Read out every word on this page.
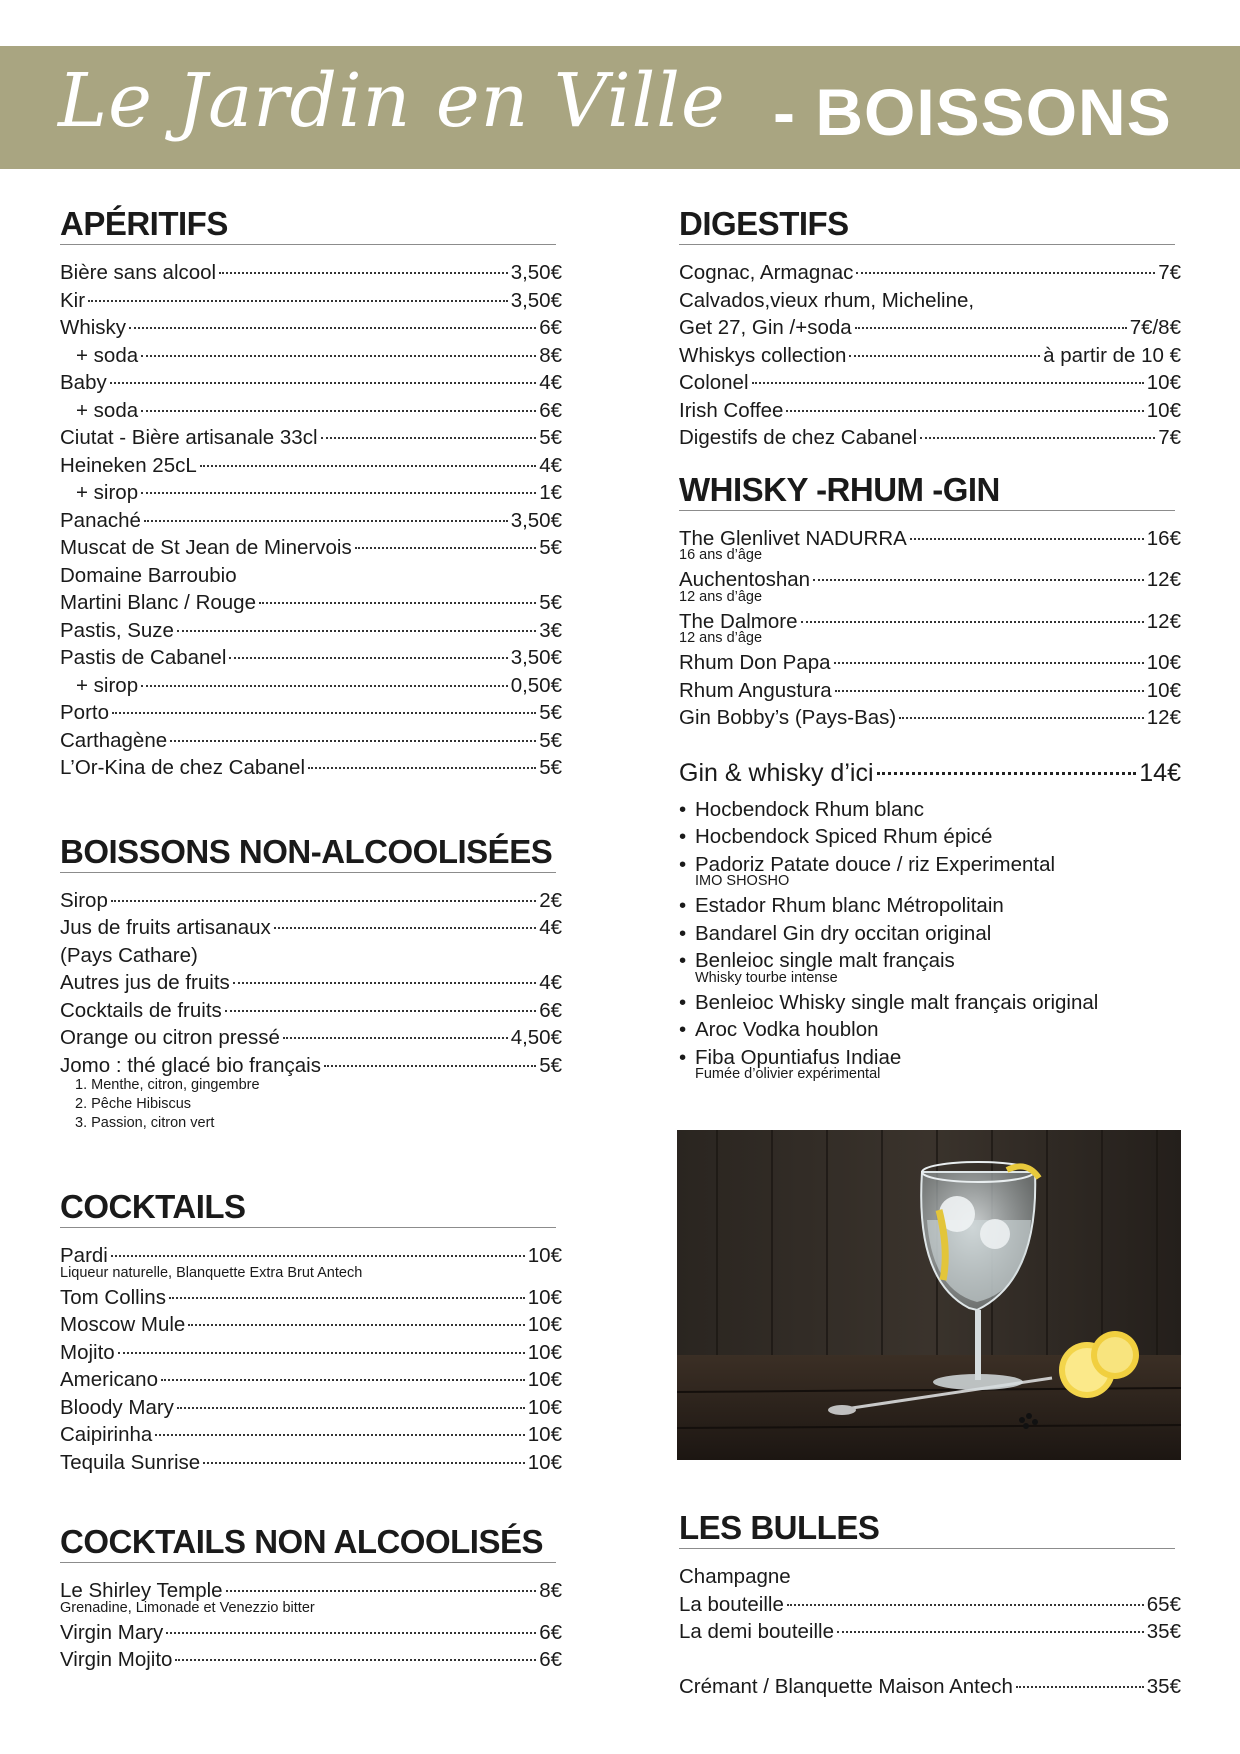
Le Jardin en Ville - BOISSONS
APÉRITIFS
Bière sans alcool	3,50€
Kir	3,50€
Whisky	6€
+ soda	8€
Baby	4€
+ soda	6€
Ciutat - Bière artisanale 33cl	5€
Heineken 25cL	4€
+ sirop	1€
Panaché	3,50€
Muscat de St Jean de Minervois	5€
Domaine Barroubio
Martini Blanc / Rouge	5€
Pastis, Suze	3€
Pastis de Cabanel	3,50€
+ sirop	0,50€
Porto	5€
Carthagène	5€
L’Or-Kina de chez Cabanel	5€
BOISSONS NON-ALCOOLISÉES
Sirop	2€
Jus de fruits artisanaux	4€
(Pays Cathare)
Autres jus de fruits	4€
Cocktails de fruits	6€
Orange ou citron pressé	4,50€
Jomo : thé glacé bio français	5€
1. Menthe, citron, gingembre
2. Pêche Hibiscus
3. Passion, citron vert
COCKTAILS
Pardi	10€
Liqueur naturelle, Blanquette Extra Brut Antech
Tom Collins	10€
Moscow Mule	10€
Mojito	10€
Americano	10€
Bloody Mary	10€
Caipirinha	10€
Tequila Sunrise	10€
COCKTAILS NON ALCOOLISÉS
Le Shirley Temple	8€
Grenadine, Limonade et Venezzio bitter
Virgin Mary	6€
Virgin Mojito	6€
DIGESTIFS
Cognac, Armagnac	7€
Calvados,vieux rhum, Micheline,
Get 27, Gin /+soda	7€/8€
Whiskys collection	à partir de 10 €
Colonel	10€
Irish Coffee	10€
Digestifs de chez Cabanel	7€
WHISKY -RHUM -GIN
The Glenlivet NADURRA	16€
16 ans d’âge
Auchentoshan	12€
12 ans d’âge
The Dalmore	12€
12 ans d’âge
Rhum Don Papa	10€
Rhum Angustura	10€
Gin Bobby’s (Pays-Bas)	12€
Gin & whisky d’ici	14€
• Hocbendock Rhum blanc
• Hocbendock Spiced Rhum épicé
• Padoriz Patate douce / riz Experimental
IMO SHOSHO
• Estador Rhum blanc Métropolitain
• Bandarel Gin dry occitan original
• Benleioc single malt français
Whisky tourbe intense
• Benleioc Whisky single malt français original
• Aroc Vodka houblon
• Fiba Opuntiafus Indiae
Fumée d’olivier expérimental
LES BULLES
Champagne
La bouteille	65€
La demi bouteille	35€
Crémant / Blanquette Maison Antech	35€
